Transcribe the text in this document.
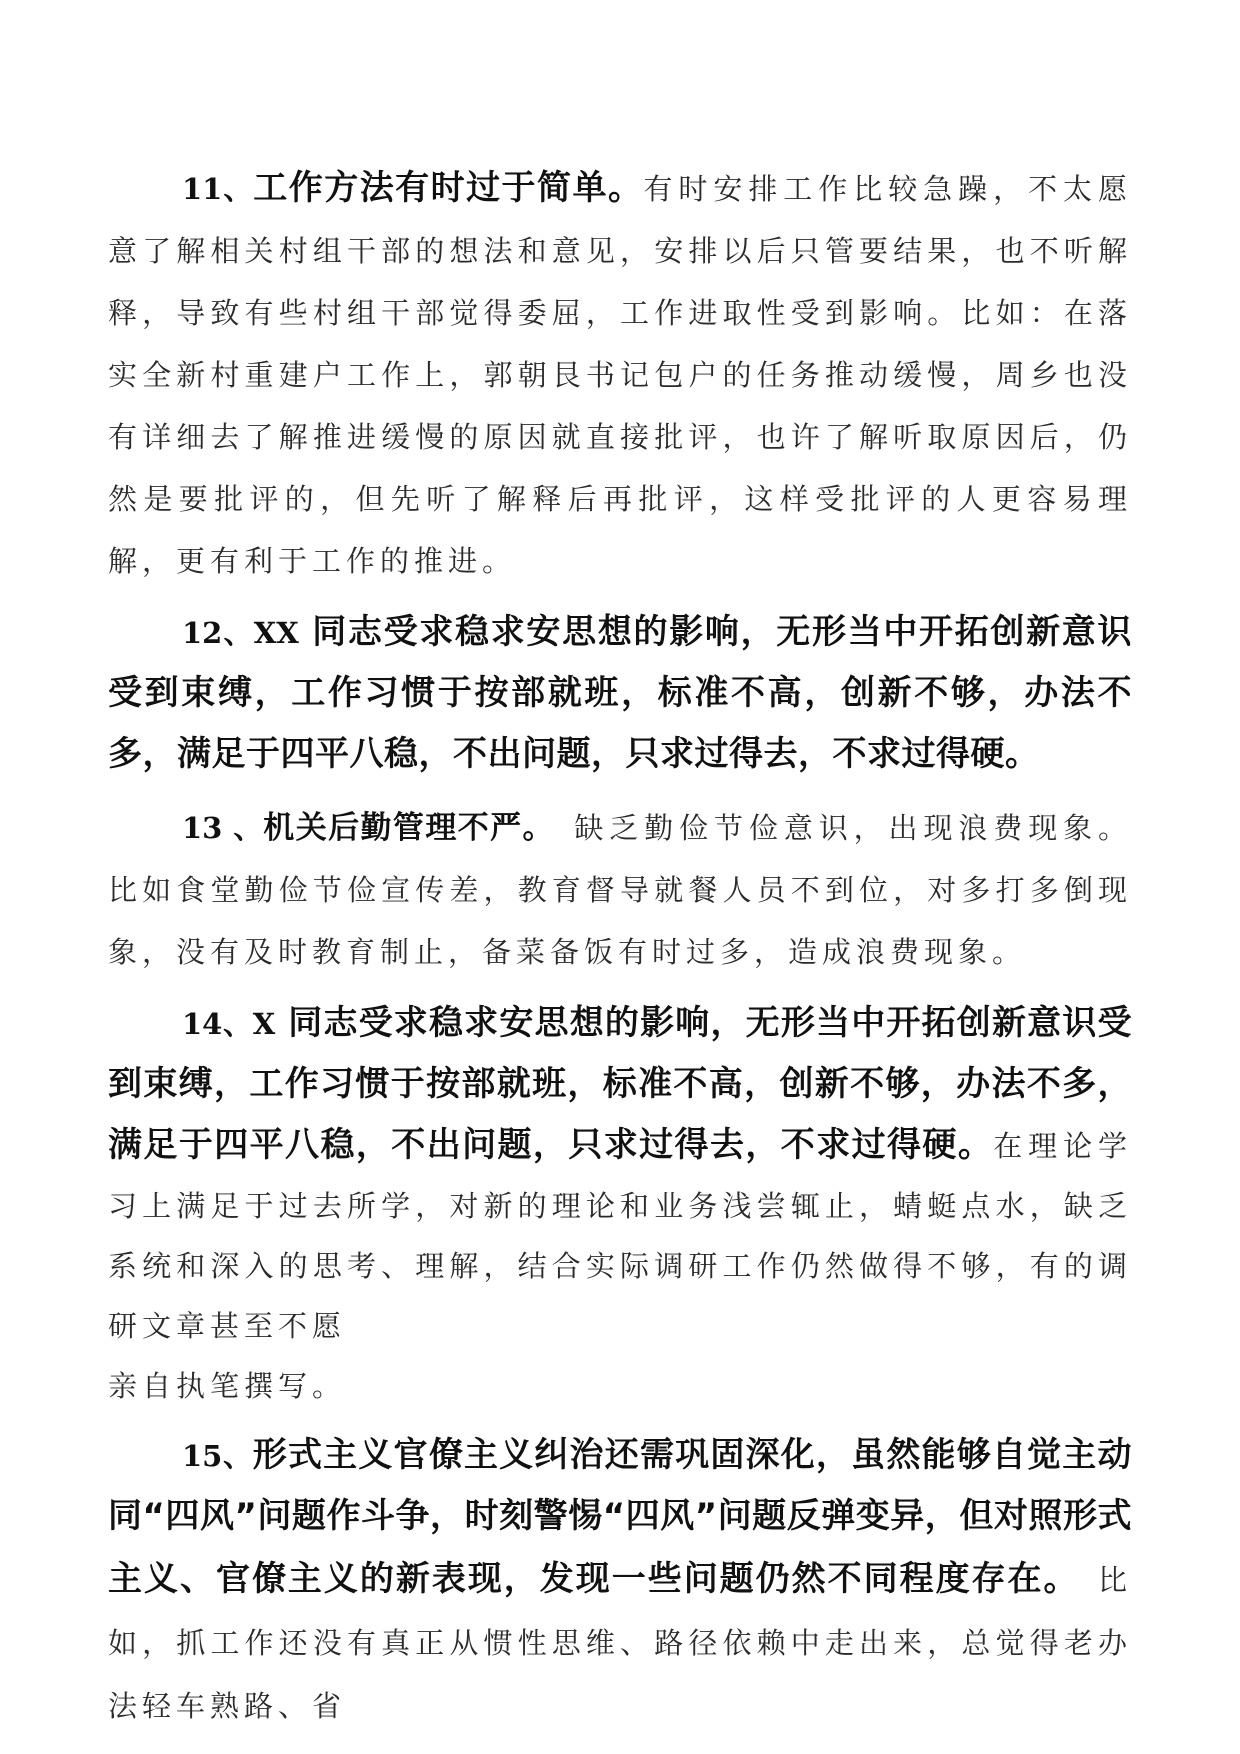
11、工作方法有时过于简单。有时安排工作比较急躁，不太愿意了解相关村组干部的想法和意见，安排以后只管要结果，也不听解释，导致有些村组干部觉得委屈，工作进取性受到影响。比如：在落实全新村重建户工作上，郭朝艮书记包户的任务推动缓慢，周乡也没有详细去了解推进缓慢的原因就直接批评，也许了解听取原因后，仍然是要批评的，但先听了解释后再批评，这样受批评的人更容易理解，更有利于工作的推进。

12、XX 同志受求稳求安思想的影响，无形当中开拓创新意识受到束缚，工作习惯于按部就班，标准不高，创新不够，办法不多，满足于四平八稳，不出问题，只求过得去，不求过得硬。

13 、机关后勤管理不严。　缺乏勤俭节俭意识，出现浪费现象。比如食堂勤俭节俭宣传差，教育督导就餐人员不到位，对多打多倒现象，没有及时教育制止，备菜备饭有时过多，造成浪费现象。

14、X 同志受求稳求安思想的影响，无形当中开拓创新意识受到束缚，工作习惯于按部就班，标准不高，创新不够，办法不多，满足于四平八稳，不出问题，只求过得去，不求过得硬。在理论学习上满足于过去所学，对新的理论和业务浅尝辄止，蜻蜓点水，缺乏系统和深入的思考、理解，结合实际调研工作仍然做得不够，有的调研文章甚至不愿

亲自执笔撰写。

15、形式主义官僚主义纠治还需巩固深化，虽然能够自觉主动同“四风”问题作斗争，时刻警惕“四风”问题反弹变异，但对照形式主义、官僚主义的新表现，发现一些问题仍然不同程度存在。　比如，抓工作还没有真正从惯性思维、路径依赖中走出来，总觉得老办法轻车熟路、省
